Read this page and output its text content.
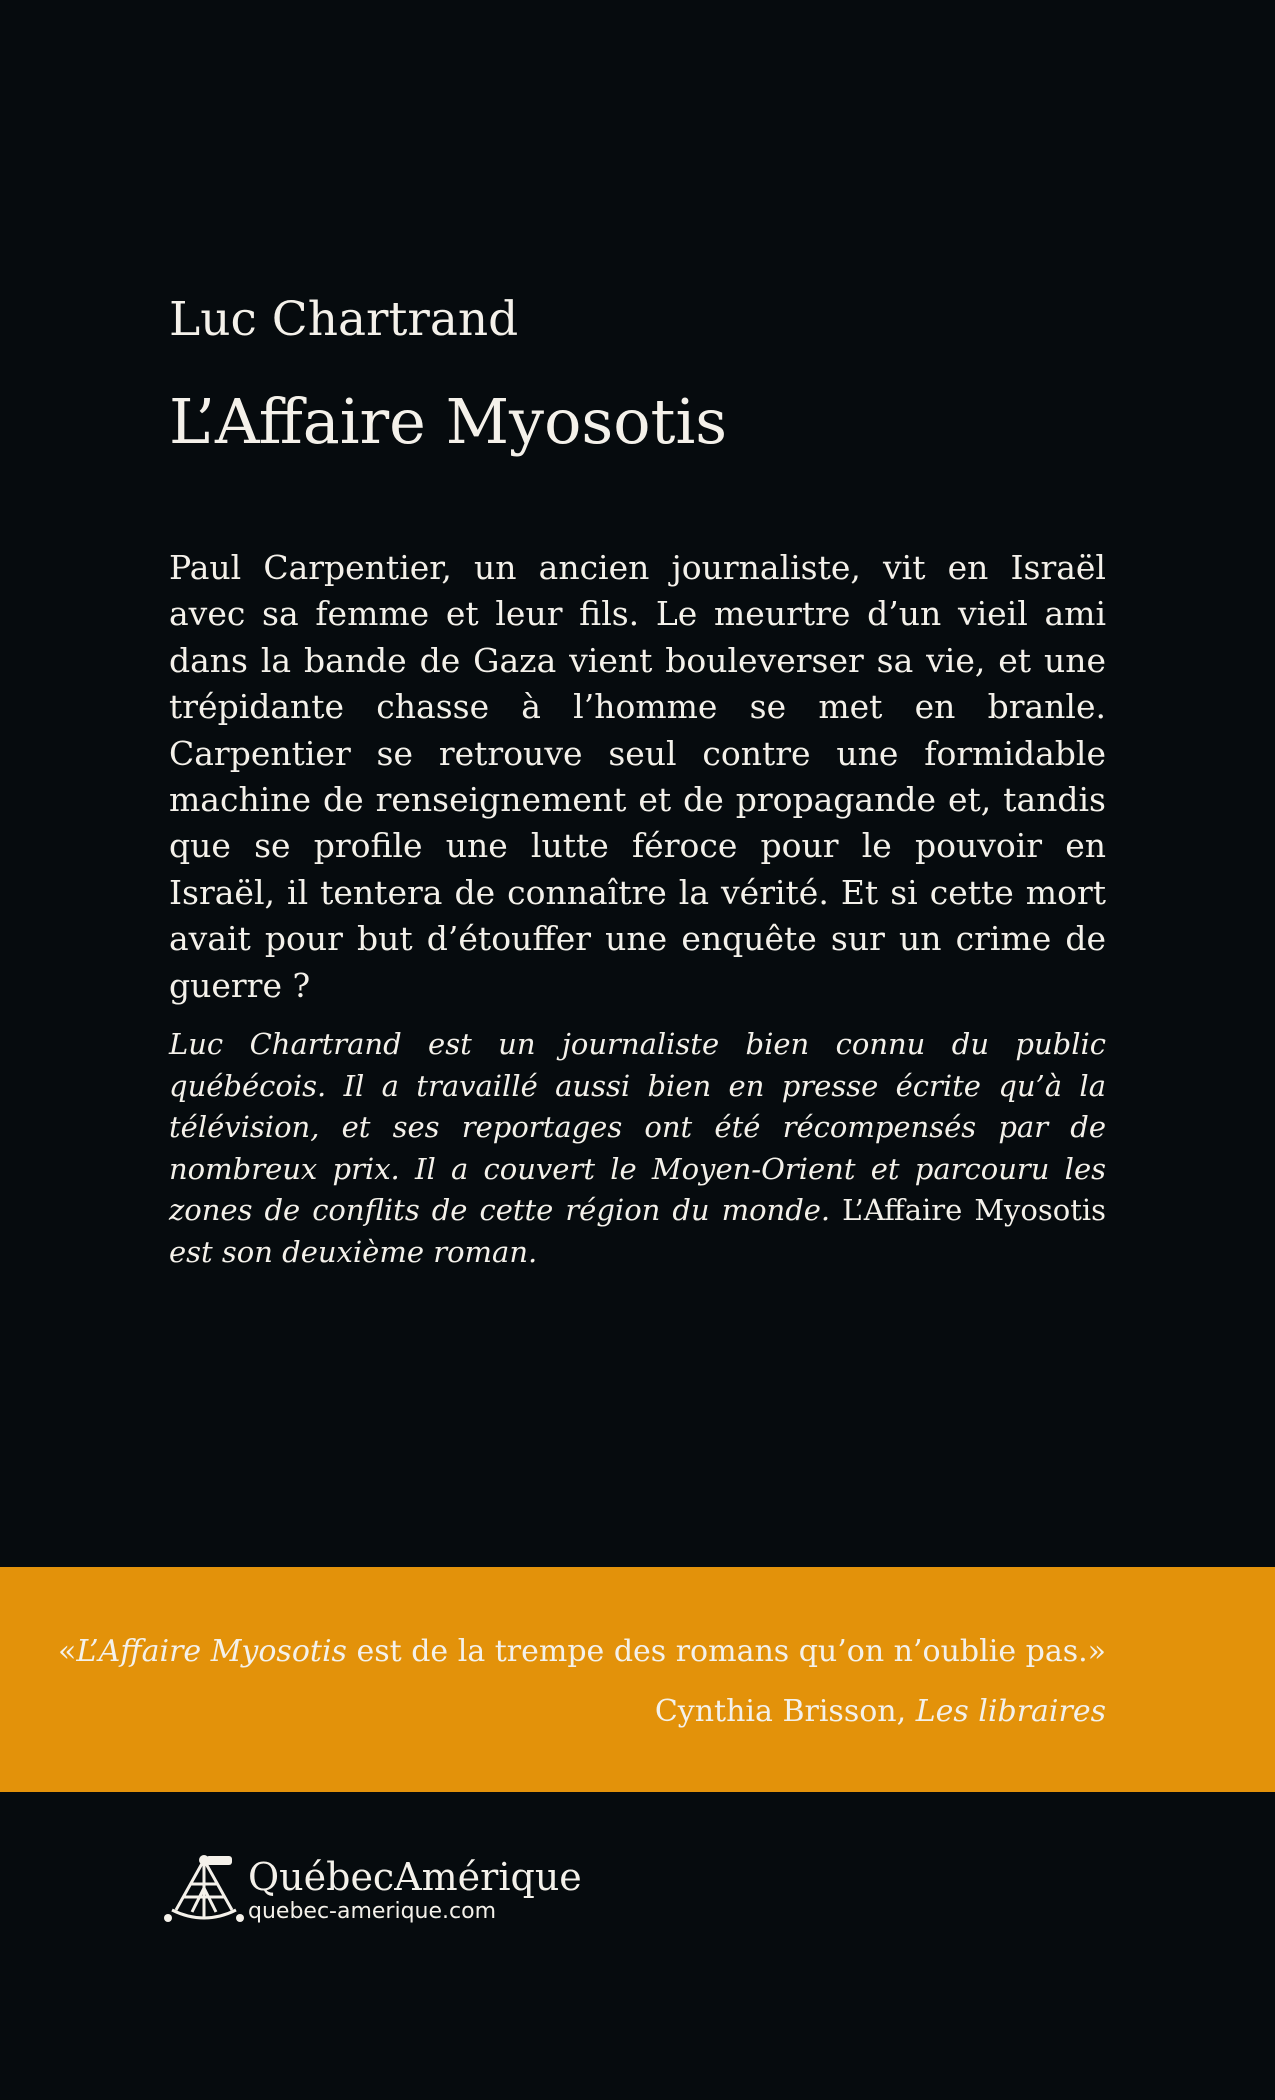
Luc Chartrand
L’Affaire Myosotis

Paul Carpentier, un ancien journaliste, vit en Israël avec sa femme et leur fils. Le meurtre d’un vieil ami dans la bande de Gaza vient bouleverser sa vie, et une trépidante chasse à l’homme se met en branle. Carpentier se retrouve seul contre une formidable machine de renseignement et de propagande et, tandis que se profile une lutte féroce pour le pouvoir en Israël, il tentera de connaître la vérité. Et si cette mort avait pour but d’étouffer une enquête sur un crime de guerre ?

Luc Chartrand est un journaliste bien connu du public québécois. Il a travaillé aussi bien en presse écrite qu’à la télévision, et ses reportages ont été récompensés par de nombreux prix. Il a couvert le Moyen-Orient et parcouru les zones de conflits de cette région du monde. L’Affaire Myosotis est son deuxième roman.

«L’Affaire Myosotis est de la trempe des romans qu’on n’oublie pas.»

Cynthia Brisson, Les libraires

QuébecAmérique
quebec-amerique.com
